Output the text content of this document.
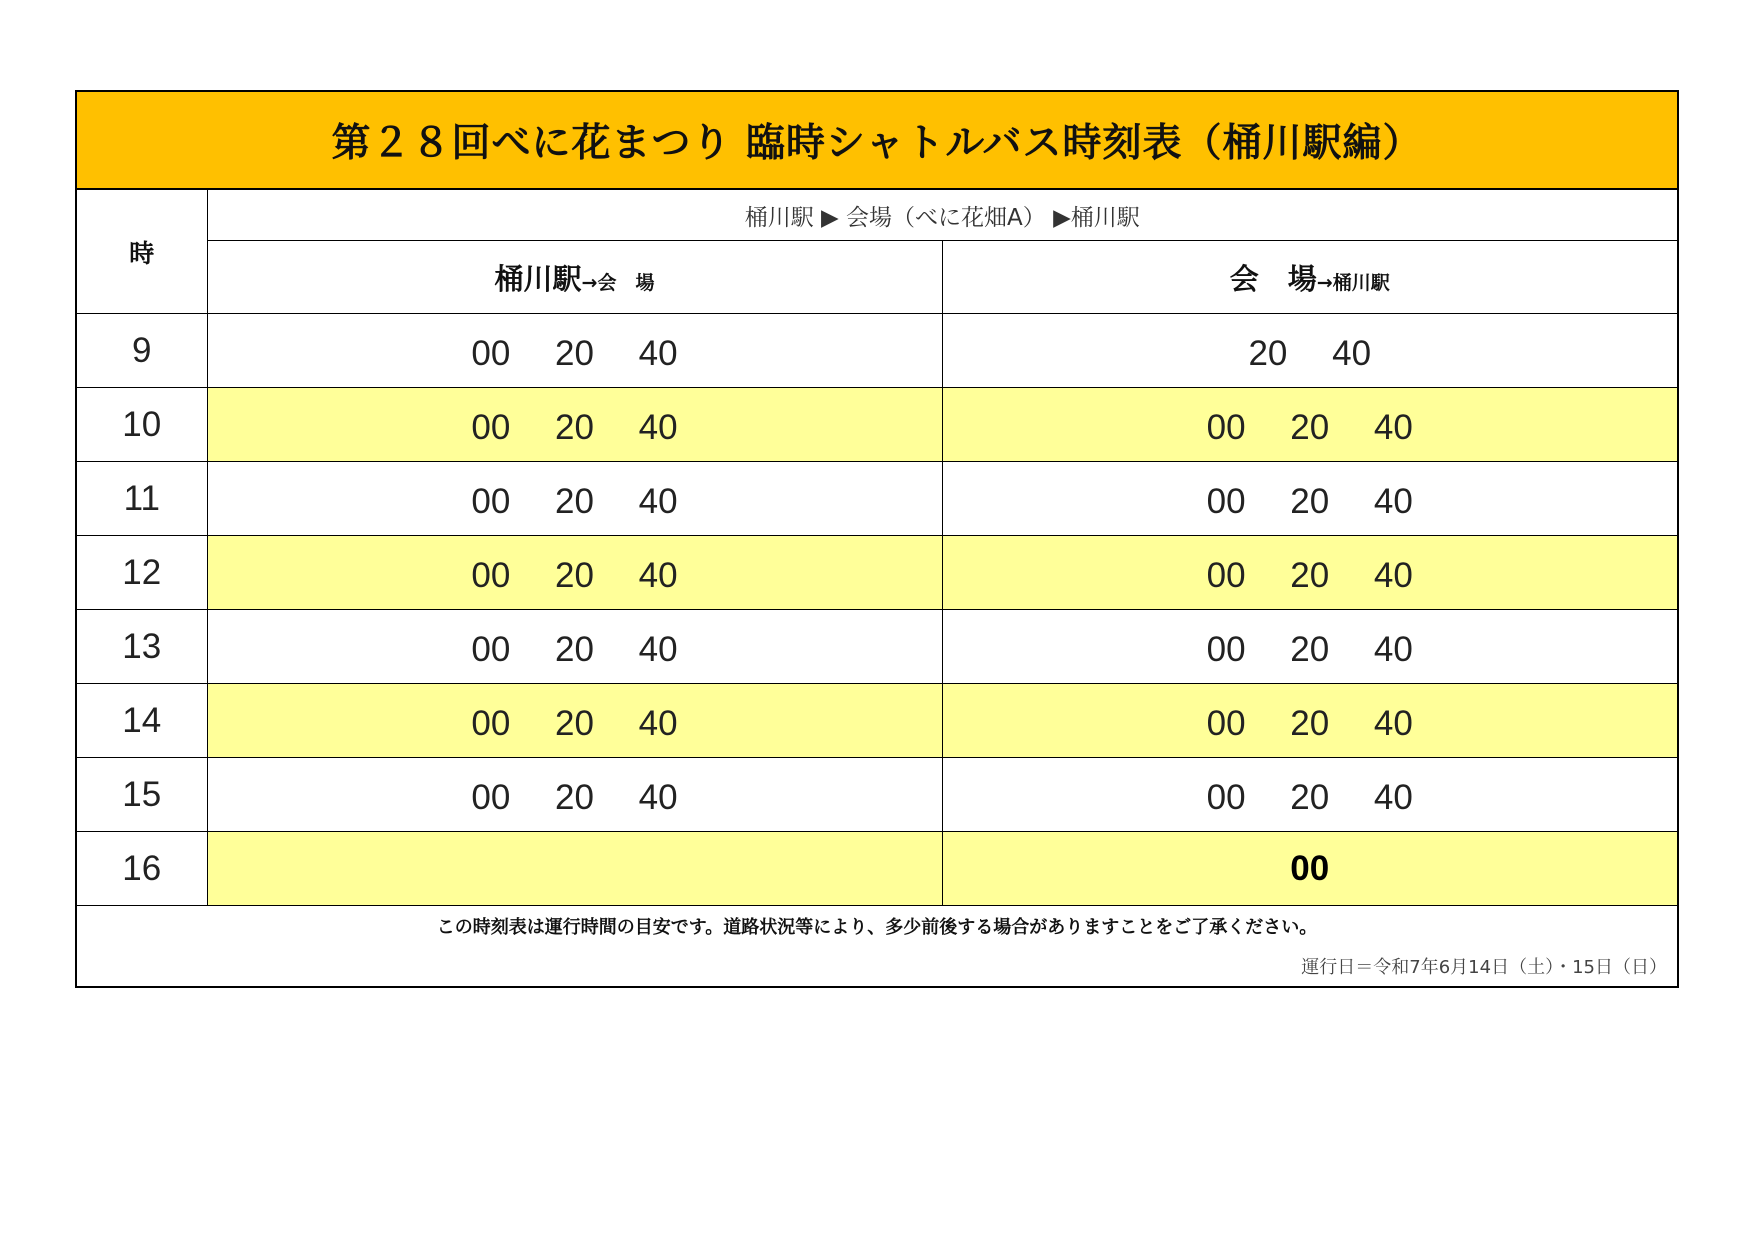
第２８回べに花まつり 臨時シャトルバス時刻表（桶川駅編）
時	桶川駅 ▶ 会場（べに花畑A） ▶桶川駅	
	桶川駅→会　場	会　場→桶川駅
9	00　 20　 40	20　 40
10	00　 20　 40	00　 20　 40
11	00　 20　 40	00　 20　 40
12	00　 20　 40	00　 20　 40
13	00　 20　 40	00　 20　 40
14	00　 20　 40	00　 20　 40
15	00　 20　 40	00　 20　 40
16		00
この時刻表は運行時間の目安です。道路状況等により、多少前後する場合がありますことをご了承ください。
運行日＝令和7年6月14日（土）・15日（日）
